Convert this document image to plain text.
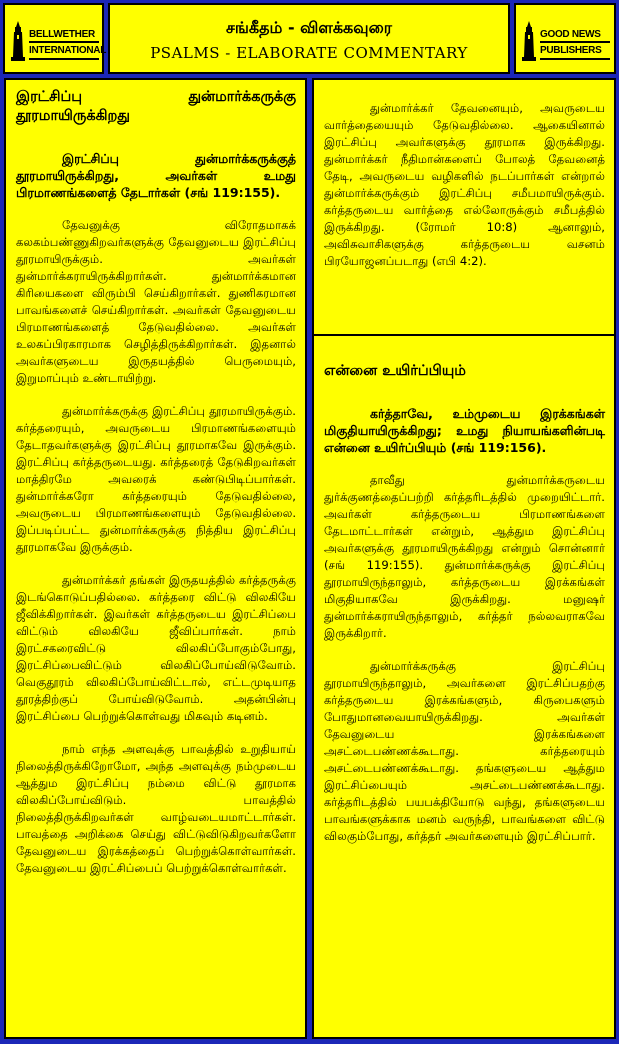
BELLWETHER
INTERNATIONAL
சங்கீதம் - விளக்கவுரை
PSALMS - ELABORATE COMMENTARY
GOOD NEWS
PUBLISHERS
இரட்சிப்பு துன்மார்க்கருக்கு தூரமாயிருக்கிறது
இரட்சிப்பு துன்மார்க்கருக்குத் தூரமாயிருக்கிறது, அவர்கள் உமது பிரமாணங்களைத் தேடார்கள் (சங் 119:155).
தேவனுக்கு விரோதமாகக் கலகம்பண்ணுகிறவர்களுக்கு தேவனுடைய இரட்சிப்பு தூரமாயிருக்கும். அவர்கள் துன்மார்க்கராயிருக்கிறார்கள். துன்மார்க்கமான கிரியைகளை விரும்பி செய்கிறார்கள். துணிகரமான பாவங்களைச் செய்கிறார்கள். அவர்கள் தேவனுடைய பிரமாணங்களைத் தேடுவதில்லை. அவர்கள் உலகப்பிரகாரமாக செழித்திருக்கிறார்கள். இதனால் அவர்களுடைய இருதயத்தில் பெருமையும், இறுமாப்பும் உண்டாயிற்று.
துன்மார்க்கருக்கு இரட்சிப்பு தூரமாயிருக்கும். கர்த்தரையும், அவருடைய பிரமாணங்களையும் தேடாதவர்களுக்கு இரட்சிப்பு தூரமாகவே இருக்கும். இரட்சிப்பு கர்த்தருடையது. கர்த்தரைத் தேடுகிறவர்கள் மாத்திரமே அவரைக் கண்டுபிடிப்பார்கள். துன்மார்க்கரோ கர்த்தரையும் தேடுவதில்லை, அவருடைய பிரமாணங்களையும் தேடுவதில்லை. இப்படிப்பட்ட துன்மார்க்கருக்கு நித்திய இரட்சிப்பு தூரமாகவே இருக்கும்.
துன்மார்க்கர் தங்கள் இருதயத்தில் கர்த்தருக்கு இடங்கொடுப்பதில்லை. கர்த்தரை விட்டு விலகியே ஜீவிக்கிறார்கள். இவர்கள் கர்த்தருடைய இரட்சிப்பை விட்டும் விலகியே ஜீவிப்பார்கள். நாம் இரட்சகரைவிட்டு விலகிப்போகும்போது, இரட்சிப்பைவிட்டும் விலகிப்போய்விடுவோம். வெகுதூரம் விலகிப்போய்விட்டால், எட்டமுடியாத தூரத்திற்குப் போய்விடுவோம். அதன்பின்பு இரட்சிப்பை பெற்றுக்கொள்வது மிகவும் கடினம்.
நாம் எந்த அளவுக்கு பாவத்தில் உறுதியாய் நிலைத்திருக்கிறோமோ, அந்த அளவுக்கு நம்முடைய ஆத்தும இரட்சிப்பு நம்மை விட்டு தூரமாக விலகிப்போய்விடும். பாவத்தில் நிலைத்திருக்கிறவர்கள் வாழ்வடையமாட்டார்கள். பாவத்தை அறிக்கை செய்து விட்டுவிடுகிறவர்களோ தேவனுடைய இரக்கத்தைப் பெற்றுக்கொள்வார்கள். தேவனுடைய இரட்சிப்பைப் பெற்றுக்கொள்வார்கள்.
துன்மார்க்கர் தேவனையும், அவருடைய வார்த்தையையும் தேடுவதில்லை. ஆகையினால் இரட்சிப்பு அவர்களுக்கு தூரமாக இருக்கிறது. துன்மார்க்கர் நீதிமான்களைப் போலத் தேவனைத் தேடி, அவருடைய வழிகளில் நடப்பார்கள் என்றால் துன்மார்க்கருக்கும் இரட்சிப்பு சமீபமாயிருக்கும். கர்த்தருடைய வார்த்தை எல்லோருக்கும் சமீபத்தில் இருக்கிறது. (ரோமர் 10:8) ஆனாலும், அவிசுவாசிகளுக்கு கர்த்தருடைய வசனம் பிரயோஜனப்படாது (எபி 4:2).
என்னை உயிர்ப்பியும்
கர்த்தாவே, உம்முடைய இரக்கங்கள் மிகுதியாயிருக்கிறது; உமது நியாயங்களின்படி என்னை உயிர்ப்பியும் (சங் 119:156).
தாவீது துன்மார்க்கருடைய துர்க்குணத்தைப்பற்றி கர்த்தரிடத்தில் முறையிட்டார். அவர்கள் கர்த்தருடைய பிரமாணங்களை தேடமாட்டார்கள் என்றும், ஆத்தும இரட்சிப்பு அவர்களுக்கு தூரமாயிருக்கிறது என்றும் சொன்னார் (சங் 119:155). துன்மார்க்கருக்கு இரட்சிப்பு தூரமாயிருந்தாலும், கர்த்தருடைய இரக்கங்கள் மிகுதியாகவே இருக்கிறது. மனுஷர் துன்மார்க்கராயிருந்தாலும், கர்த்தர் நல்லவராகவே இருக்கிறார்.
துன்மார்க்கருக்கு இரட்சிப்பு தூரமாயிருந்தாலும், அவர்களை இரட்சிப்பதற்கு கர்த்தருடைய இரக்கங்களும், கிருபைகளும் போதுமானவையாயிருக்கிறது. அவர்கள் தேவனுடைய இரக்கங்களை அசட்டைபண்ணக்கூடாது. கர்த்தரையும் அசட்டைபண்ணக்கூடாது. தங்களுடைய ஆத்தும இரட்சிப்பையும் அசட்டைபண்ணக்கூடாது. கர்த்தரிடத்தில் பயபக்தியோடு வந்து, தங்களுடைய பாவங்களுக்காக மனம் வருந்தி, பாவங்களை விட்டு விலகும்போது, கர்த்தர் அவர்களையும் இரட்சிப்பார்.
